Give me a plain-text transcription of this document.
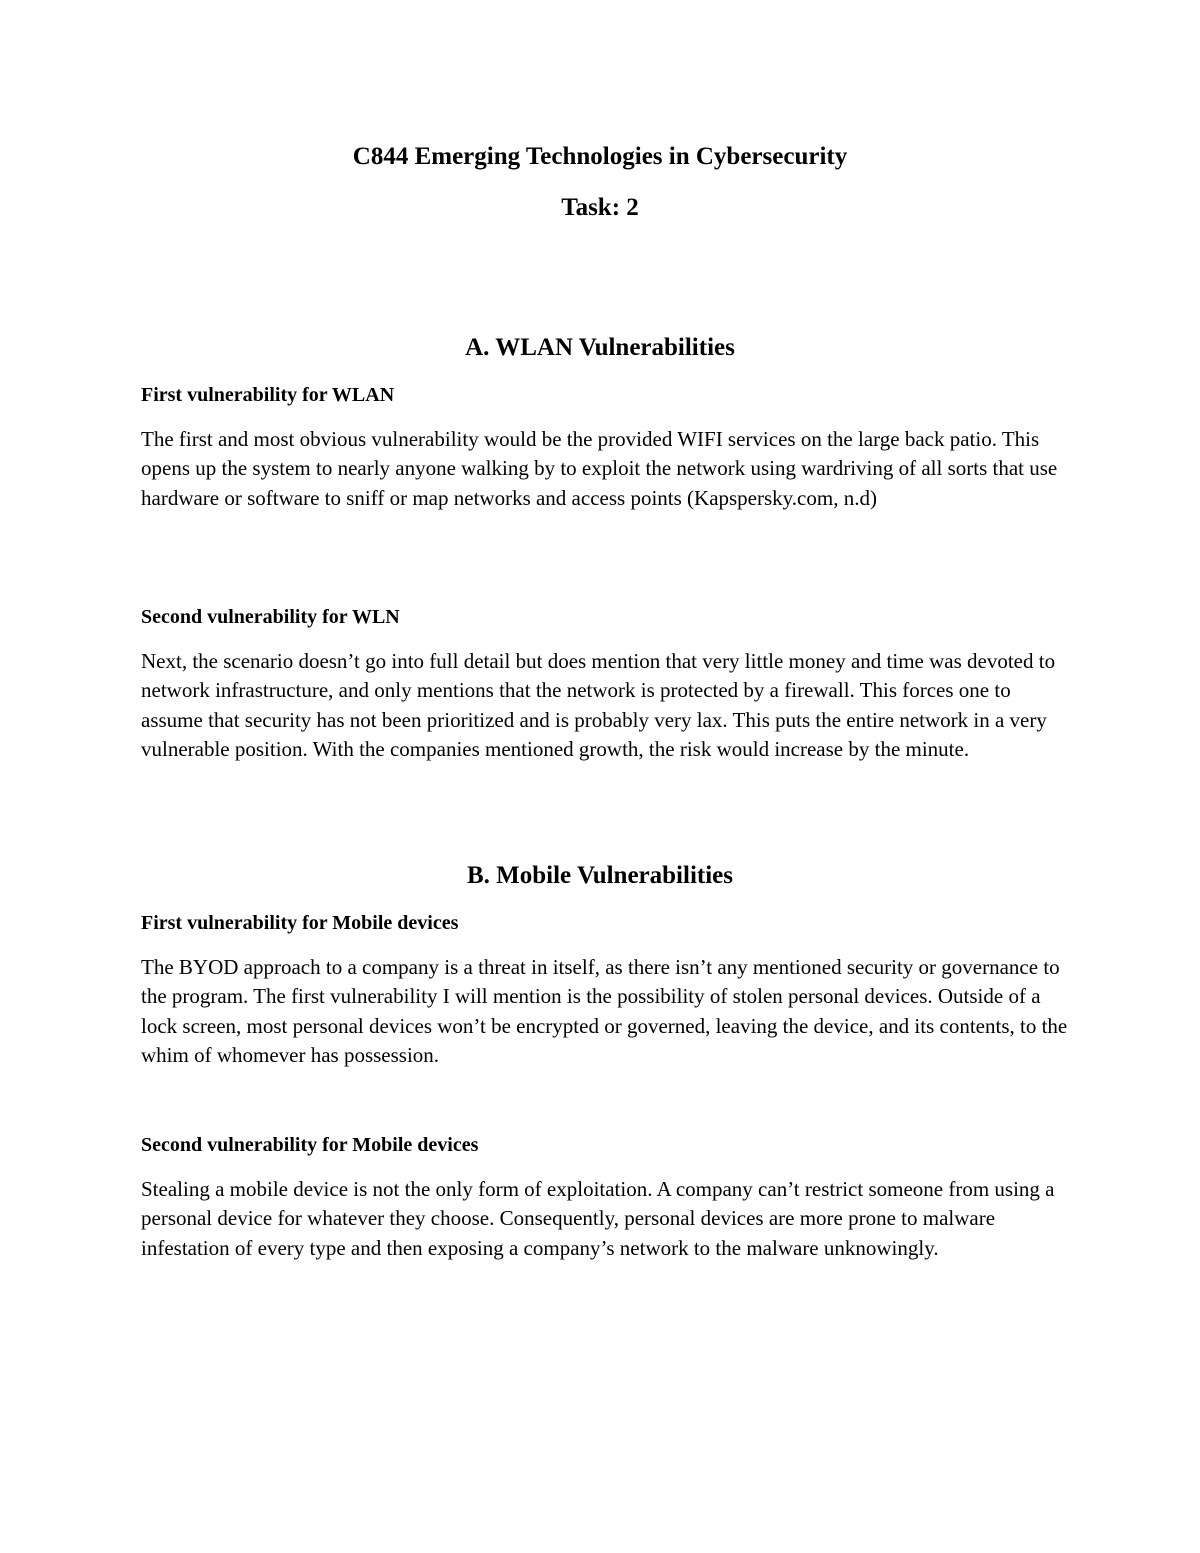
C844 Emerging Technologies in Cybersecurity
Task: 2
A. WLAN Vulnerabilities
First vulnerability for WLAN

The first and most obvious vulnerability would be the provided WIFI services on the large back patio. This opens up the system to nearly anyone walking by to exploit the network using wardriving of all sorts that use hardware or software to sniff or map networks and access points (Kapspersky.com, n.d)

Second vulnerability for WLN

Next, the scenario doesn’t go into full detail but does mention that very little money and time was devoted to network infrastructure, and only mentions that the network is protected by a firewall. This forces one to assume that security has not been prioritized and is probably very lax. This puts the entire network in a very vulnerable position. With the companies mentioned growth, the risk would increase by the minute.

B. Mobile Vulnerabilities
First vulnerability for Mobile devices

The BYOD approach to a company is a threat in itself, as there isn’t any mentioned security or governance to the program. The first vulnerability I will mention is the possibility of stolen personal devices. Outside of a lock screen, most personal devices won’t be encrypted or governed, leaving the device, and its contents, to the whim of whomever has possession.

Second vulnerability for Mobile devices

Stealing a mobile device is not the only form of exploitation. A company can’t restrict someone from using a personal device for whatever they choose. Consequently, personal devices are more prone to malware infestation of every type and then exposing a company’s network to the malware unknowingly.
